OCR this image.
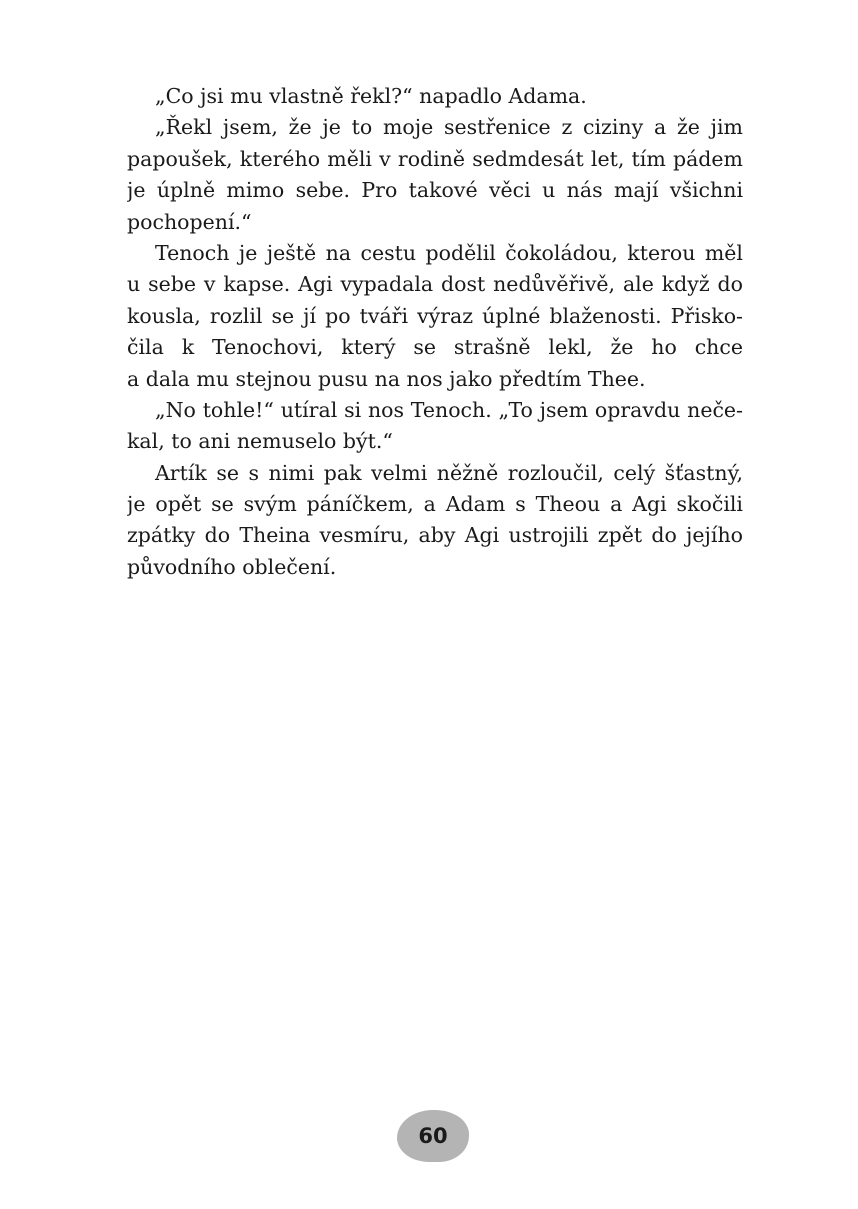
„Co jsi mu vlastně řekl?“ napadlo Adama.
„Řekl jsem, že je to moje sestřenice z ciziny a že jim
papoušek, kterého měli v rodině sedmdesát let, tím pádem
je úplně mimo sebe. Pro takové věci u nás mají všichni
pochopení.“
Tenoch je ještě na cestu podělil čokoládou, kterou měl
u sebe v kapse. Agi vypadala dost nedůvěřivě, ale když do
kousla, rozlil se jí po tváři výraz úplné blaženosti. Přisko-
čila k Tenochovi, který se strašně lekl, že ho chce
a dala mu stejnou pusu na nos jako předtím Thee.
„No tohle!“ utíral si nos Tenoch. „To jsem opravdu neče-
kal, to ani nemuselo být.“
Artík se s nimi pak velmi něžně rozloučil, celý šťastný,
je opět se svým páníčkem, a Adam s Theou a Agi skočili
zpátky do Theina vesmíru, aby Agi ustrojili zpět do jejího
původního oblečení.
60
